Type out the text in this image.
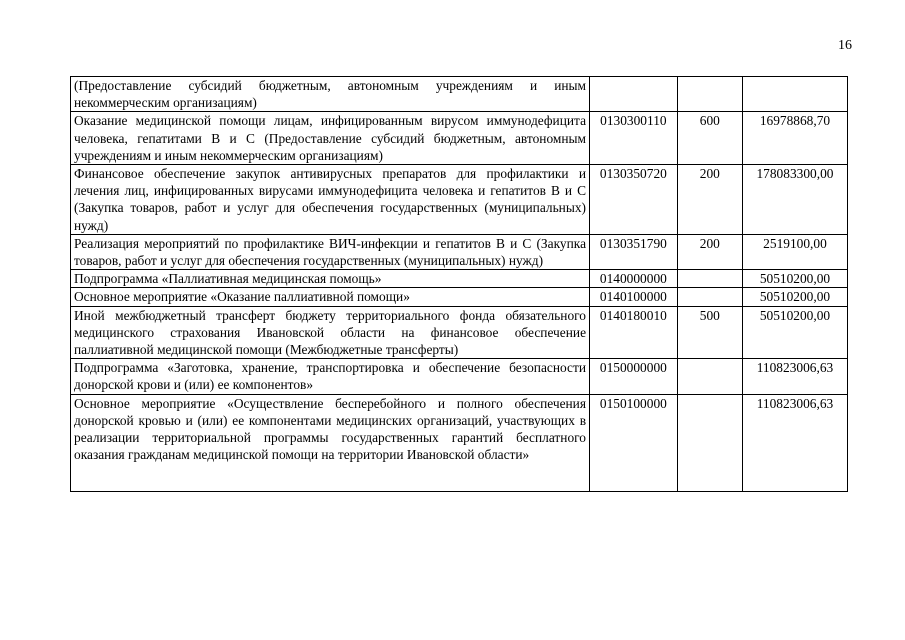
16
(Предоставление субсидий бюджетным, автономным учреждениям и иным некоммерческим организациям)			
Оказание медицинской помощи лицам, инфицированным вирусом иммунодефицита человека, гепатитами B и C (Предоставление субсидий бюджетным, автономным учреждениям и иным некоммерческим организациям)	0130300110	600	16978868,70
Финансовое обеспечение закупок антивирусных препаратов для профилактики и лечения лиц, инфицированных вирусами иммунодефицита человека и гепатитов B и C (Закупка товаров, работ и услуг для обеспечения государственных (муниципальных) нужд)	0130350720	200	178083300,00
Реализация мероприятий по профилактике ВИЧ-инфекции и гепатитов B и C (Закупка товаров, работ и услуг для обеспечения государственных (муниципальных) нужд)	0130351790	200	2519100,00
Подпрограмма «Паллиативная медицинская помощь»	0140000000		50510200,00
Основное мероприятие «Оказание паллиативной помощи»	0140100000		50510200,00
Иной межбюджетный трансферт бюджету территориального фонда обязательного медицинского страхования Ивановской области на финансовое обеспечение паллиативной медицинской помощи (Межбюджетные трансферты)	0140180010	500	50510200,00
Подпрограмма «Заготовка, хранение, транспортировка и обеспечение безопасности донорской крови и (или) ее компонентов»	0150000000		110823006,63
Основное мероприятие «Осуществление бесперебойного и полного обеспечения донорской кровью и (или) ее компонентами медицинских организаций, участвующих в реализации территориальной программы государственных гарантий бесплатного оказания гражданам медицинской помощи на территории Ивановской области»	0150100000		110823006,63
